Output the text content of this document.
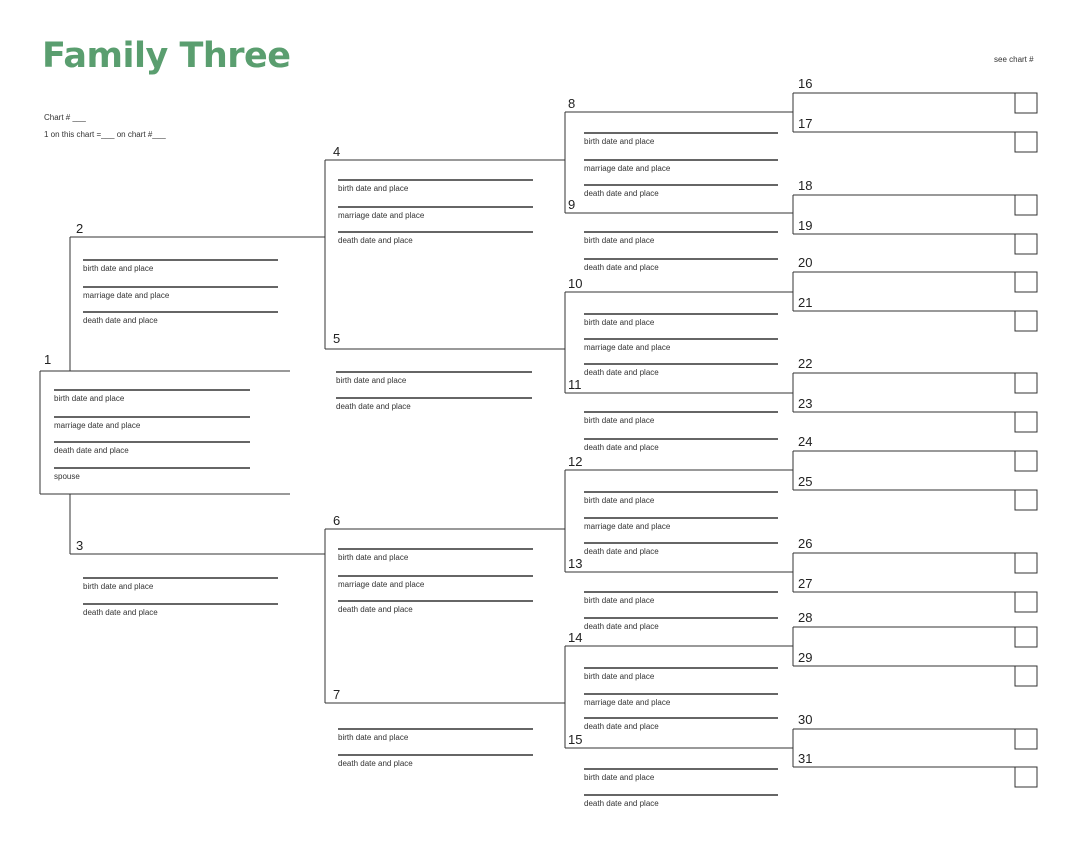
Family Three	see chart #
Chart # ___
1 on this chart =___ on chart #___
1
birth date and place
marriage date and place
death date and place
spouse
2
birth date and place
marriage date and place
death date and place
3
birth date and place
death date and place
4
birth date and place
marriage date and place
death date and place
5
birth date and place
death date and place
6
birth date and place
marriage date and place
death date and place
7
birth date and place
death date and place
8
birth date and place
marriage date and place
death date and place
9
birth date and place
death date and place
10
birth date and place
marriage date and place
death date and place
11
birth date and place
death date and place
12
birth date and place
marriage date and place
death date and place
13
birth date and place
death date and place
14
birth date and place
marriage date and place
death date and place
15
birth date and place
death date and place
16
17
18
19
20
21
22
23
24
25
26
27
28
29
30
31
